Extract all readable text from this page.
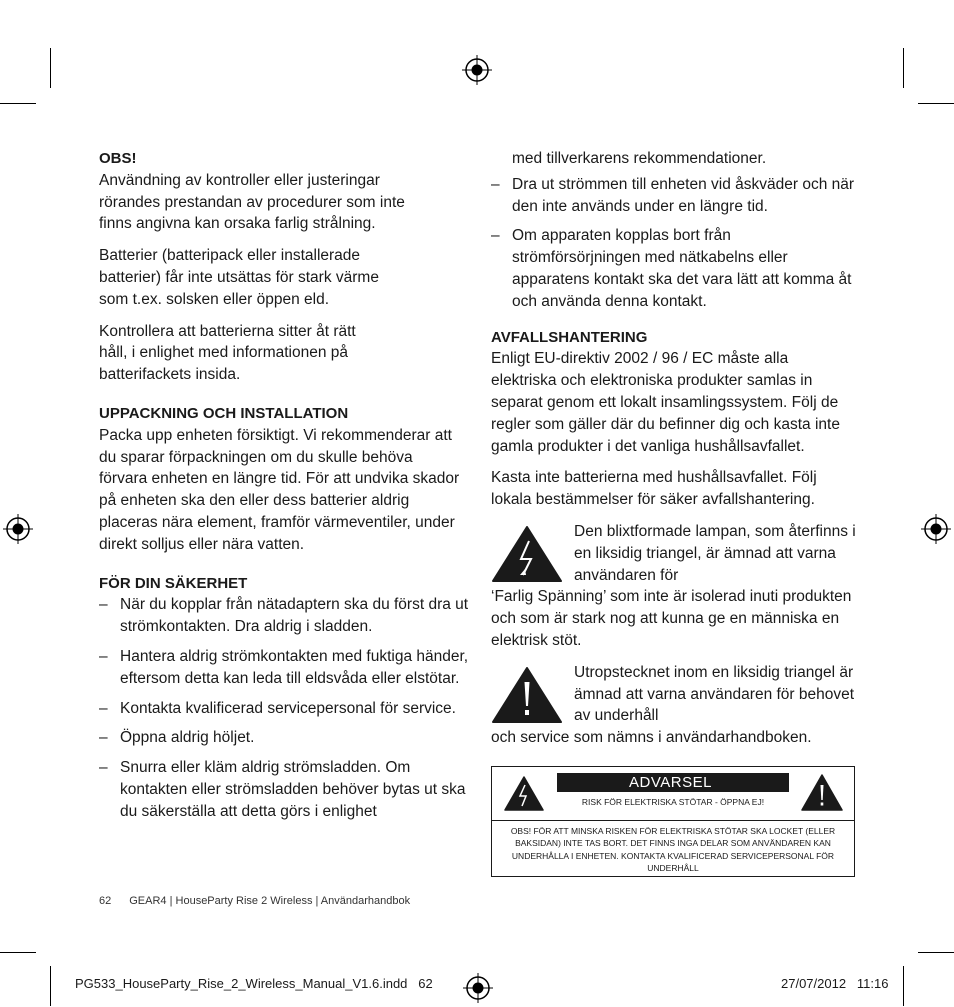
OBS!

Användning av kontroller eller justeringar rörandes prestandan av procedurer som inte finns angivna kan orsaka farlig strålning.

Batterier (batteripack eller installerade batterier) får inte utsättas för stark värme som t.ex. solsken eller öppen eld.

Kontrollera att batterierna sitter åt rätt håll, i enlighet med informationen på batterifackets insida.

UPPACKNING OCH INSTALLATION

Packa upp enheten försiktigt. Vi rekommenderar att du sparar förpackningen om du skulle behöva förvara enheten en längre tid. För att undvika skador på enheten ska den eller dess batterier aldrig placeras nära element, framför värmeventiler, under direkt solljus eller nära vatten.

FÖR DIN SÄKERHET

– När du kopplar från nätadaptern ska du först dra ut strömkontakten. Dra aldrig i sladden.
– Hantera aldrig strömkontakten med fuktiga händer, eftersom detta kan leda till eldsvåda eller elstötar.
– Kontakta kvalificerad servicepersonal för service.
– Öppna aldrig höljet.
– Snurra eller kläm aldrig strömsladden. Om kontakten eller strömsladden behöver bytas ut ska du säkerställa att detta görs i enlighet

med tillverkarens rekommendationer.

– Dra ut strömmen till enheten vid åskväder och när den inte används under en längre tid.
– Om apparaten kopplas bort från strömförsörjningen med nätkabelns eller apparatens kontakt ska det vara lätt att komma åt och använda denna kontakt.

AVFALLSHANTERING

Enligt EU-direktiv 2002 / 96 / EC måste alla elektriska och elektroniska produkter samlas in separat genom ett lokalt insamlingssystem. Följ de regler som gäller där du befinner dig och kasta inte gamla produkter i det vanliga hushållsavfallet.

Kasta inte batterierna med hushållsavfallet. Följ lokala bestämmelser för säker avfallshantering.

Den blixtformade lampan, som återfinns i en liksidig triangel, är ämnad att varna användaren för

‘Farlig Spänning’ som inte är isolerad inuti produkten och som är stark nog att kunna ge en människa en elektrisk stöt.

Utropstecknet inom en liksidig triangel är ämnad att varna användaren för behovet av underhåll

och service som nämns i användarhandboken.

ADVARSEL
RISK FÖR ELEKTRISKA STÖTAR - ÖPPNA EJ!
OBS! FÖR ATT MINSKA RISKEN FÖR ELEKTRISKA STÖTAR SKA LOCKET (ELLER BAKSIDAN) INTE TAS BORT. DET FINNS INGA DELAR SOM ANVÄNDAREN KAN UNDERHÅLLA I ENHETEN. KONTAKTA KVALIFICERAD SERVICEPERSONAL FÖR UNDERHÅLL
62 GEAR4 | HouseParty Rise 2 Wireless | Användarhandbok
PG533_HouseParty_Rise_2_Wireless_Manual_V1.6.indd   62	27/07/2012   11:16
